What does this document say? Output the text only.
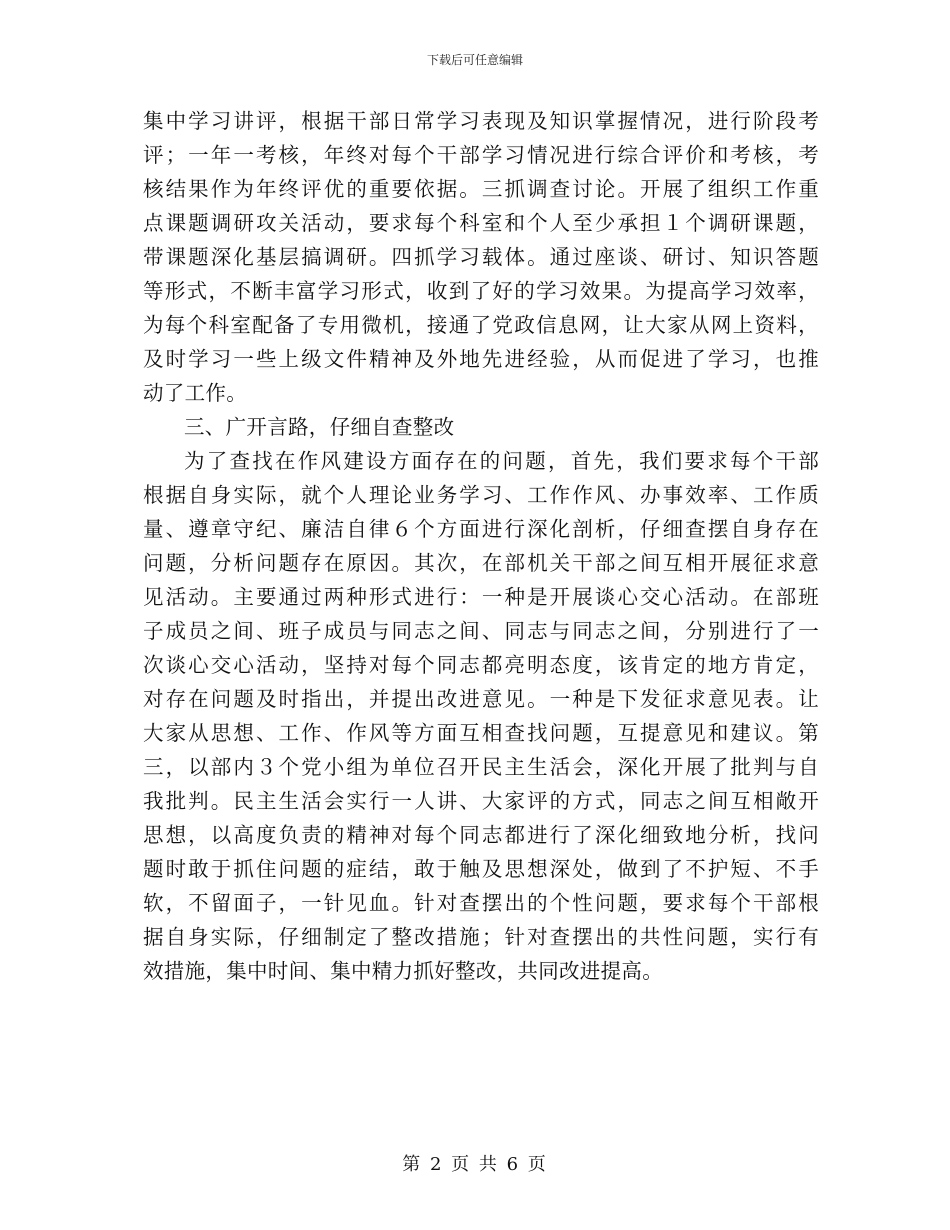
下载后可任意编辑
集中学习讲评，根据干部日常学习表现及知识掌握情况，进行阶段考
评；一年一考核，年终对每个干部学习情况进行综合评价和考核，考
核结果作为年终评优的重要依据。三抓调查讨论。开展了组织工作重
点课题调研攻关活动，要求每个科室和个人至少承担１个调研课题，
带课题深化基层搞调研。四抓学习载体。通过座谈、研讨、知识答题
等形式，不断丰富学习形式，收到了好的学习效果。为提高学习效率，
为每个科室配备了专用微机，接通了党政信息网，让大家从网上资料，
及时学习一些上级文件精神及外地先进经验，从而促进了学习，也推
动了工作。
三、广开言路，仔细自查整改
为了查找在作风建设方面存在的问题，首先，我们要求每个干部
根据自身实际，就个人理论业务学习、工作作风、办事效率、工作质
量、遵章守纪、廉洁自律６个方面进行深化剖析，仔细查摆自身存在
问题，分析问题存在原因。其次，在部机关干部之间互相开展征求意
见活动。主要通过两种形式进行：一种是开展谈心交心活动。在部班
子成员之间、班子成员与同志之间、同志与同志之间，分别进行了一
次谈心交心活动，坚持对每个同志都亮明态度，该肯定的地方肯定，
对存在问题及时指出，并提出改进意见。一种是下发征求意见表。让
大家从思想、工作、作风等方面互相查找问题，互提意见和建议。第
三，以部内３个党小组为单位召开民主生活会，深化开展了批判与自
我批判。民主生活会实行一人讲、大家评的方式，同志之间互相敞开
思想，以高度负责的精神对每个同志都进行了深化细致地分析，找问
题时敢于抓住问题的症结，敢于触及思想深处，做到了不护短、不手
软，不留面子，一针见血。针对查摆出的个性问题，要求每个干部根
据自身实际，仔细制定了整改措施；针对查摆出的共性问题，实行有
效措施，集中时间、集中精力抓好整改，共同改进提高。
第 2 页 共 6 页
